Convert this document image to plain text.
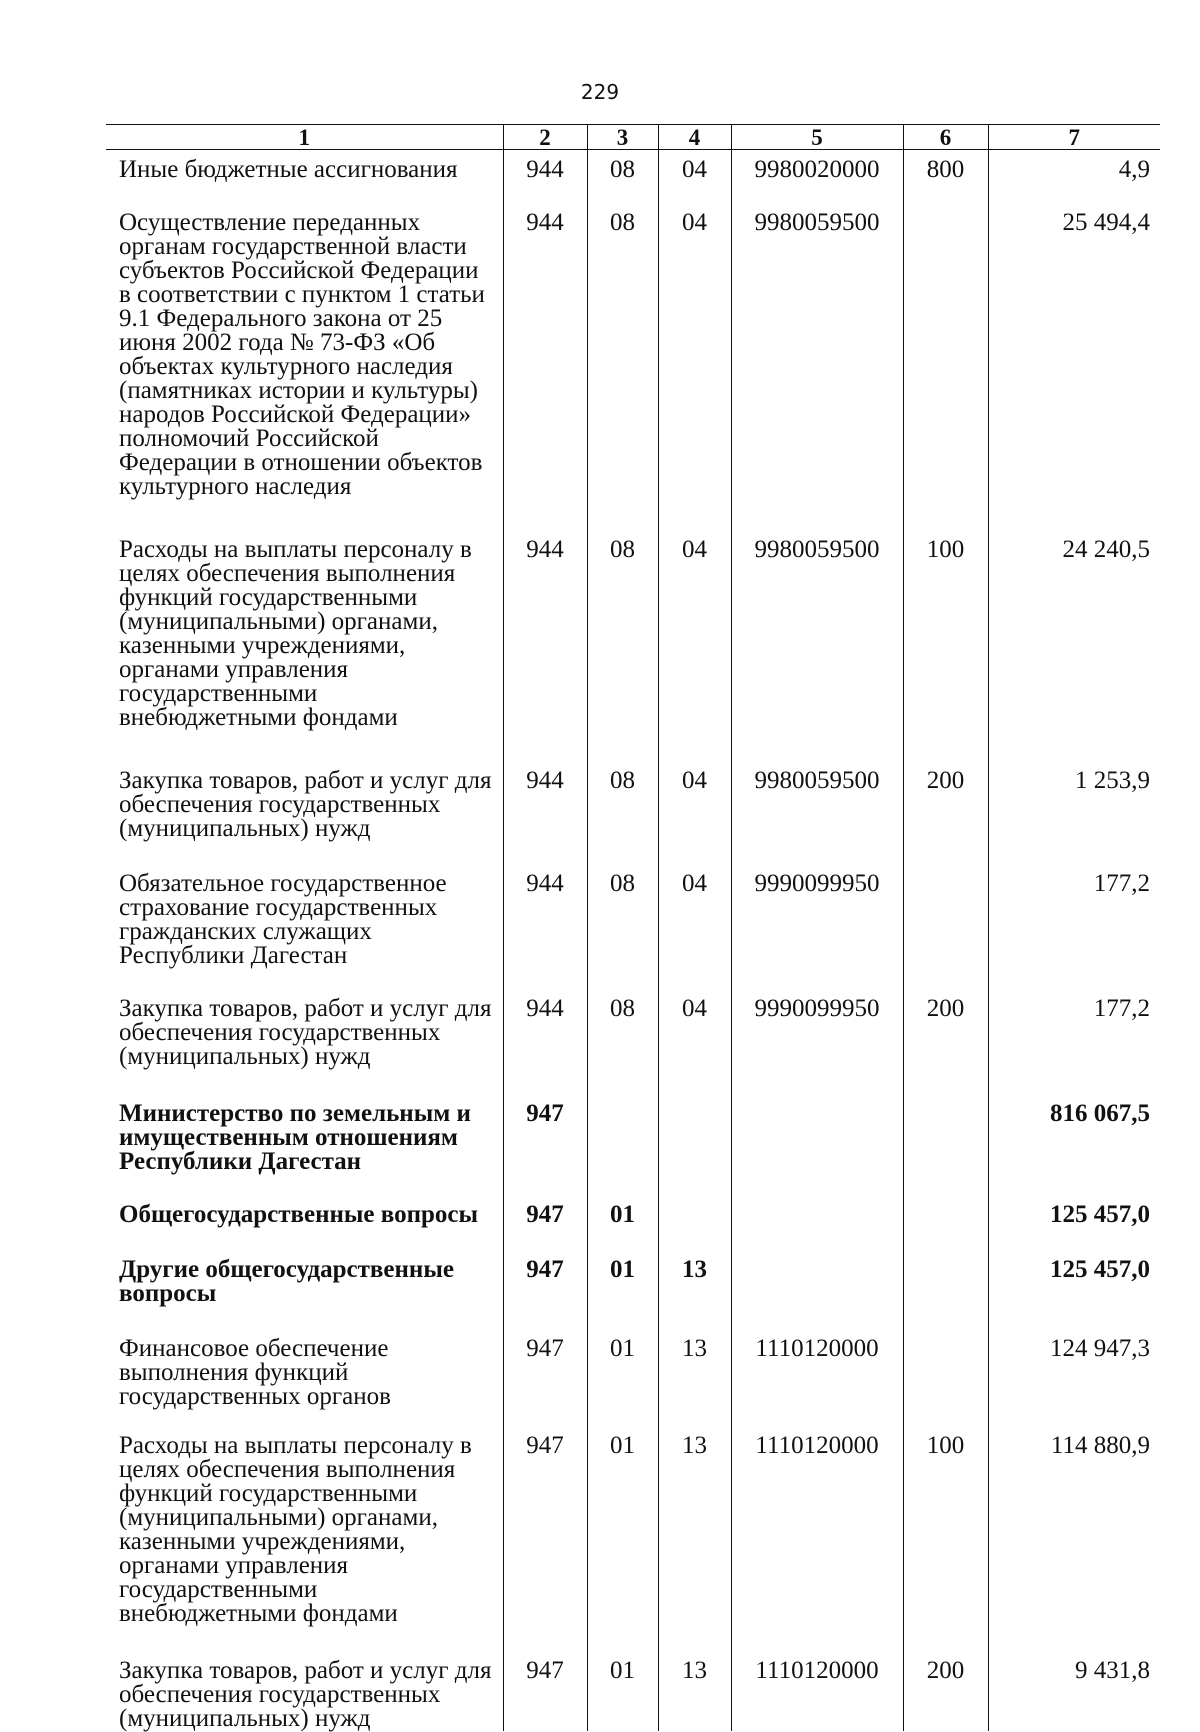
229
1	2	3	4	5	6	7

Иные бюджетные ассигнования	944	08	04	9980020000	800	4,9

Осуществление переданных органам государственной власти субъектов Российской Федерации в соответствии с пунктом 1 статьи 9.1 Федерального закона от 25 июня 2002 года № 73-ФЗ «Об объектах культурного наследия (памятниках истории и культуры) народов Российской Федерации» полномочий Российской Федерации в отношении объектов культурного наследия	944	08	04	9980059500		25 494,4

Расходы на выплаты персоналу в целях обеспечения выполнения функций государственными (муниципальными) органами, казенными учреждениями, органами управления государственными внебюджетными фондами	944	08	04	9980059500	100	24 240,5

Закупка товаров, работ и услуг для обеспечения государственных (муниципальных) нужд	944	08	04	9980059500	200	1 253,9

Обязательное государственное страхование государственных гражданских служащих Республики Дагестан	944	08	04	9990099950		177,2

Закупка товаров, работ и услуг для обеспечения государственных (муниципальных) нужд	944	08	04	9990099950	200	177,2

Министерство по земельным и имущественным отношениям Республики Дагестан	947					816 067,5

Общегосударственные вопросы	947	01				125 457,0

Другие общегосударственные вопросы	947	01	13			125 457,0

Финансовое обеспечение выполнения функций государственных органов	947	01	13	1110120000		124 947,3

Расходы на выплаты персоналу в целях обеспечения выполнения функций государственными (муниципальными) органами, казенными учреждениями, органами управления государственными внебюджетными фондами	947	01	13	1110120000	100	114 880,9

Закупка товаров, работ и услуг для обеспечения государственных (муниципальных) нужд	947	01	13	1110120000	200	9 431,8
